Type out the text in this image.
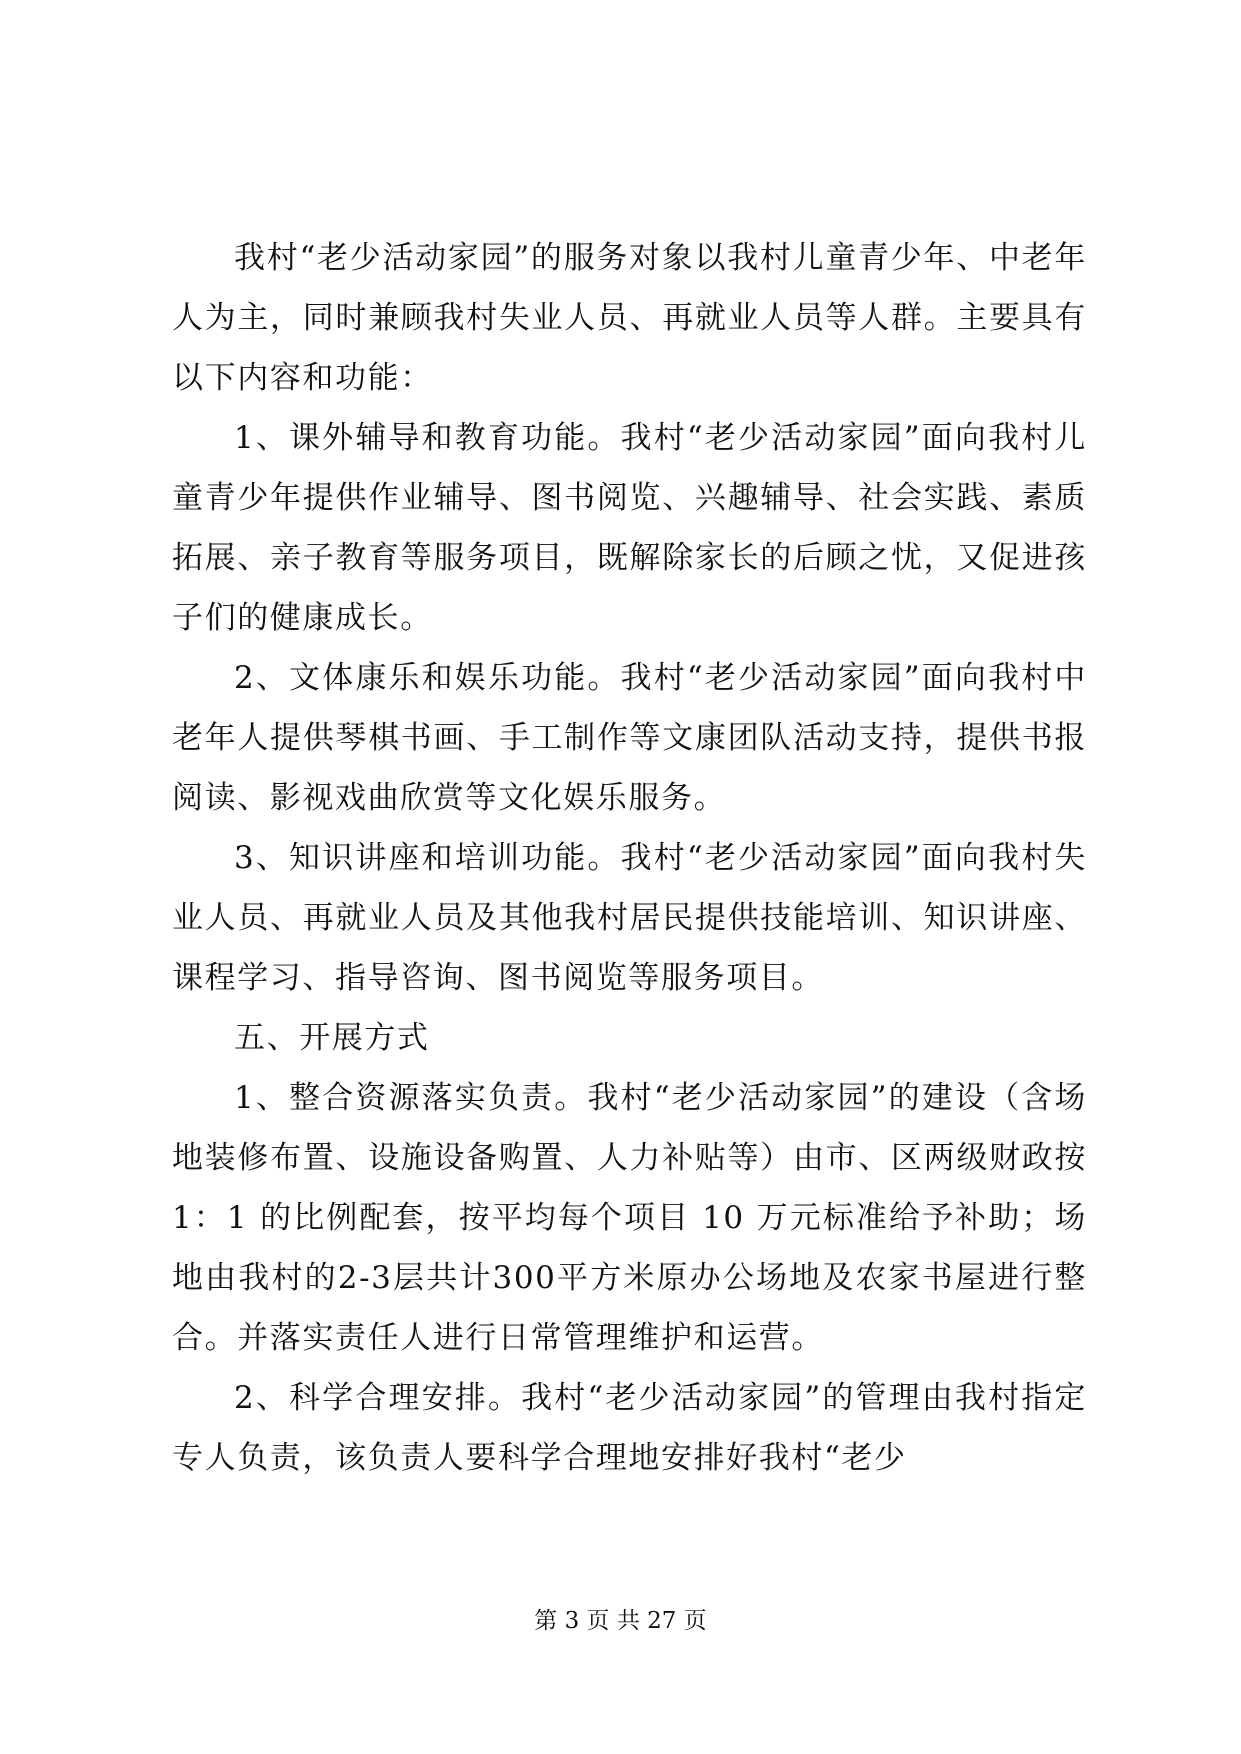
我村“老少活动家园”的服务对象以我村儿童青少年、中老年人为主，同时兼顾我村失业人员、再就业人员等人群。主要具有以下内容和功能：

1、课外辅导和教育功能。我村“老少活动家园”面向我村儿童青少年提供作业辅导、图书阅览、兴趣辅导、社会实践、素质拓展、亲子教育等服务项目，既解除家长的后顾之忧，又促进孩子们的健康成长。

2、文体康乐和娱乐功能。我村“老少活动家园”面向我村中老年人提供琴棋书画、手工制作等文康团队活动支持，提供书报阅读、影视戏曲欣赏等文化娱乐服务。

3、知识讲座和培训功能。我村“老少活动家园”面向我村失业人员、再就业人员及其他我村居民提供技能培训、知识讲座、课程学习、指导咨询、图书阅览等服务项目。

五、开展方式

1、整合资源落实负责。我村“老少活动家园”的建设（含场地装修布置、设施设备购置、人力补贴等）由市、区两级财政按 1：1 的比例配套，按平均每个项目 10 万元标准给予补助；场地由我村的2-3层共计300平方米原办公场地及农家书屋进行整合。并落实责任人进行日常管理维护和运营。

2、科学合理安排。我村“老少活动家园”的管理由我村指定专人负责，该负责人要科学合理地安排好我村“老少

第 3 页 共 27 页
